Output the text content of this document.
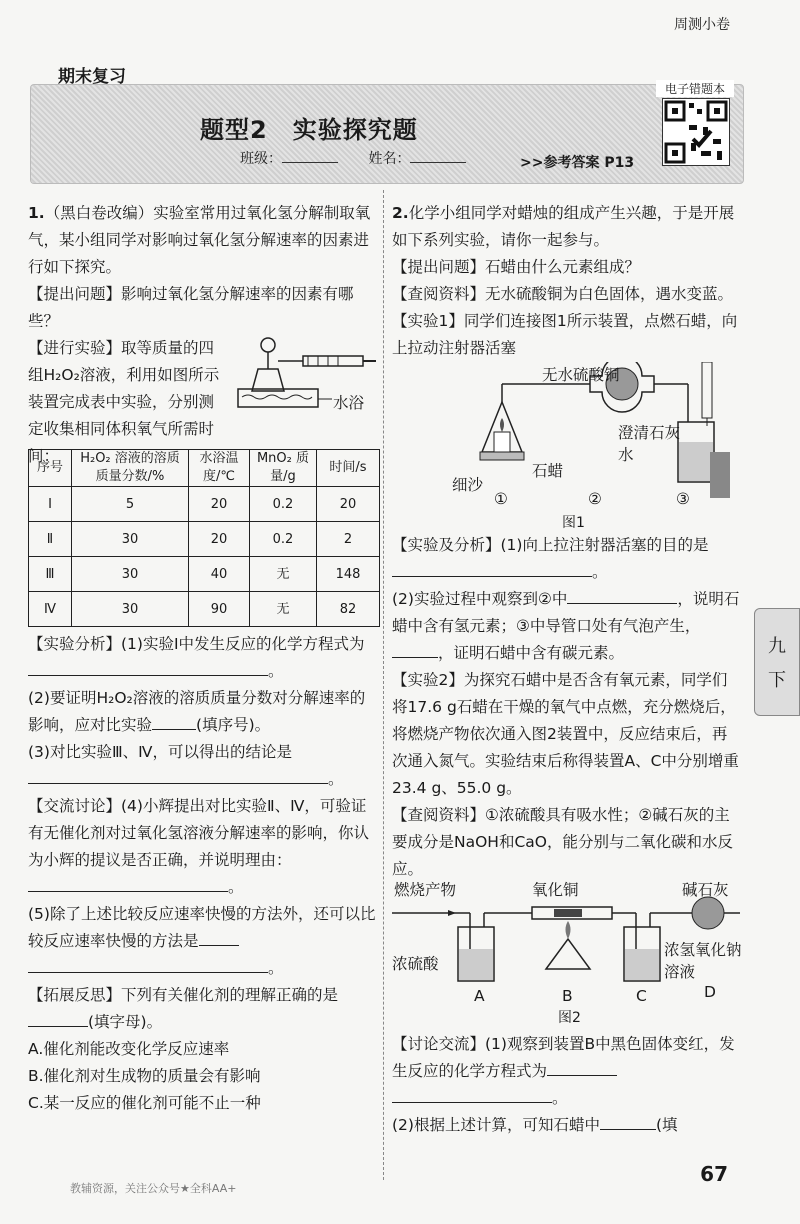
周测小卷
期末复习
题型2　实验探究题
班级：	姓名：	>>参考答案 P13
电子错题本

1.（黑白卷改编）实验室常用过氧化氢分解制取氧气，某小组同学对影响过氧化氢分解速率的因素进行如下探究。

【提出问题】影响过氧化氢分解速率的因素有哪些？

【进行实验】取等质量的四组H₂O₂溶液，利用如图所示装置完成表中实验，分别测定收集相同体积氧气所需时间：

水浴
序号	H₂O₂ 溶液的溶质质量分数/%	水浴温度/℃	MnO₂ 质量/g	时间/s
Ⅰ	5	20	0.2	20
Ⅱ	30	20	0.2	2
Ⅲ	30	40	无	148
Ⅳ	30	90	无	82

【实验分析】(1)实验Ⅰ中发生反应的化学方程式为。

(2)要证明H₂O₂溶液的溶质质量分数对分解速率的影响，应对比实验	(填序号)。

(3)对比实验Ⅲ、Ⅳ，可以得出的结论是。

【交流讨论】(4)小辉提出对比实验Ⅱ、Ⅳ，可验证有无催化剂对过氧化氢溶液分解速率的影响，你认为小辉的提议是否正确，并说明理由：。

(5)除了上述比较反应速率快慢的方法外，还可以比较反应速率快慢的方法是。

【拓展反思】下列有关催化剂的理解正确的是(填字母)。

A.催化剂能改变化学反应速率

B.催化剂对生成物的质量会有影响

C.某一反应的催化剂可能不止一种

2.化学小组同学对蜡烛的组成产生兴趣，于是开展如下系列实验，请你一起参与。

【提出问题】石蜡由什么元素组成？

【查阅资料】无水硫酸铜为白色固体，遇水变蓝。

【实验1】同学们连接图1所示装置，点燃石蜡，向上拉动注射器活塞

无水硫酸铜
澄清石灰水
细沙
石蜡
①	②	③
图1

【实验及分析】(1)向上拉注射器活塞的目的是。

(2)实验过程中观察到②中	，说明石蜡中含有氢元素；③中导管口处有气泡产生，，证明石蜡中含有碳元素。

【实验2】为探究石蜡中是否含有氧元素，同学们将17.6 g石蜡在干燥的氧气中点燃，充分燃烧后，将燃烧产物依次通入图2装置中，反应结束后，再次通入氮气。实验结束后称得装置A、C中分别增重23.4 g、55.0 g。

【查阅资料】①浓硫酸具有吸水性；②碱石灰的主要成分是NaOH和CaO，能分别与二氧化碳和水反应。

燃烧产物	氧化铜	碱石灰
浓硫酸
浓氢氧化钠溶液
A	B	C	D
图2

【讨论交流】(1)观察到装置B中黑色固体变红，发生反应的化学方程式为。

(2)根据上述计算，可知石蜡中	(填

九
下
67
教辅资源，关注公众号★全科AA+
